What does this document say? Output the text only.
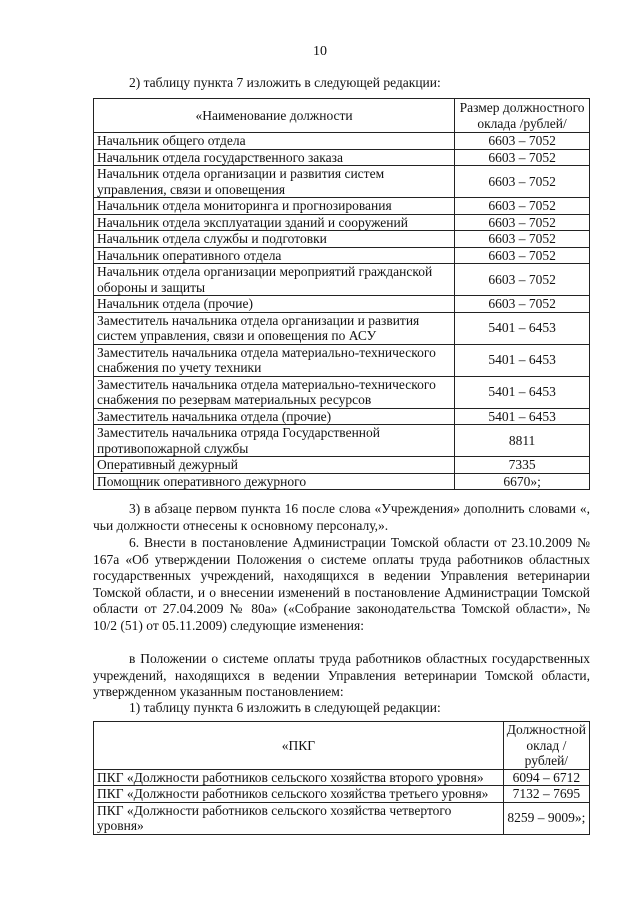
10
2) таблицу пункта 7 изложить в следующей редакции:
«Наименование должности	Размер должностного оклада /рублей/
Начальник общего отдела	6603 – 7052
Начальник отдела государственного заказа	6603 – 7052
Начальник отдела организации и развития систем управления, связи и оповещения	6603 – 7052
Начальник отдела мониторинга и прогнозирования	6603 – 7052
Начальник отдела эксплуатации зданий и сооружений	6603 – 7052
Начальник отдела службы и подготовки	6603 – 7052
Начальник оперативного отдела	6603 – 7052
Начальник отдела организации мероприятий гражданской обороны и защиты	6603 – 7052
Начальник отдела (прочие)	6603 – 7052
Заместитель начальника отдела организации и развития систем управления, связи и оповещения по АСУ	5401 – 6453
Заместитель начальника отдела материально-технического снабжения по учету техники	5401 – 6453
Заместитель начальника отдела материально-технического снабжения по резервам материальных ресурсов	5401 – 6453
Заместитель начальника отдела (прочие)	5401 – 6453
Заместитель начальника отряда Государственной противопожарной службы	8811
Оперативный дежурный	7335
Помощник оперативного дежурного	6670»;
3) в абзаце первом пункта 16 после слова «Учреждения» дополнить словами «, чьи должности отнесены к основному персоналу,».
6. Внести в постановление Администрации Томской области от 23.10.2009 № 167а «Об утверждении Положения о системе оплаты труда работников областных государственных учреждений, находящихся в ведении Управления ветеринарии Томской области, и о внесении изменений в постановление Администрации Томской области от 27.04.2009 № 80а» («Собрание законодательства Томской области», № 10/2 (51) от 05.11.2009) следующие изменения:
в Положении о системе оплаты труда работников областных государственных учреждений, находящихся в ведении Управления ветеринарии Томской области, утвержденном указанным постановлением:
1) таблицу пункта 6 изложить в следующей редакции:
«ПКГ	Должностной оклад /рублей/
ПКГ «Должности работников сельского хозяйства второго уровня»	6094 – 6712
ПКГ «Должности работников сельского хозяйства третьего уровня»	7132 – 7695
ПКГ «Должности работников сельского хозяйства четвертого уровня»	8259 – 9009»;
